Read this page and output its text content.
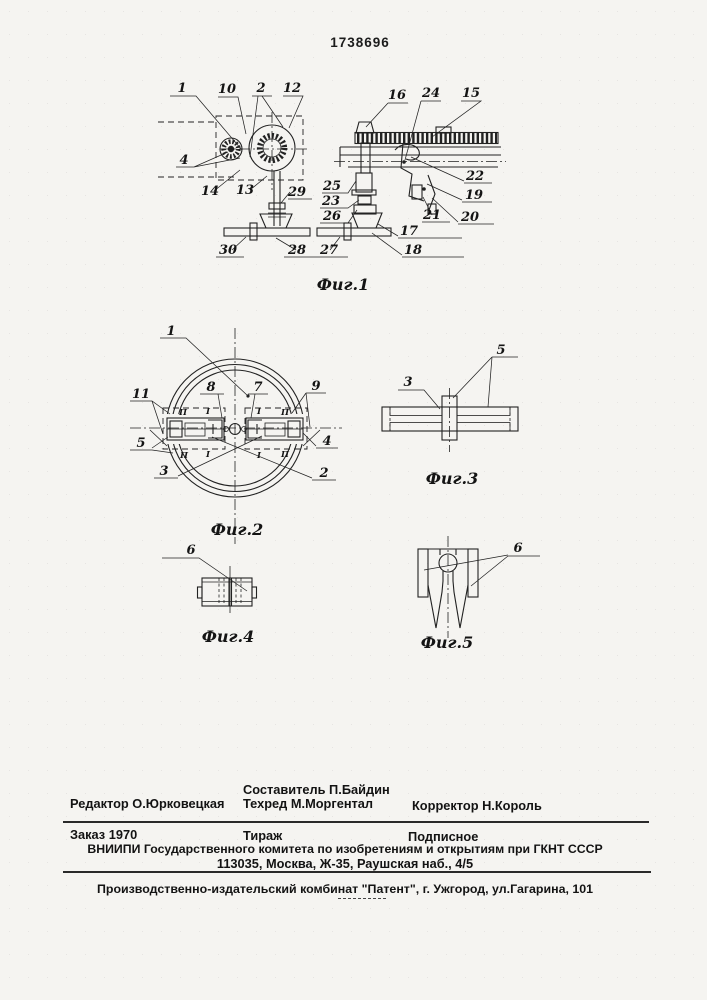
1738696
1 10 2 12	16 24 15
4
14 13	29 25
23
26
22
19
21 20
17
18
30	28 27
Фиг.1
П I	I П
П I	I П
1
11	8	7	9
5	4
3	2
Фиг.2
3
5
Фиг.3
6
Фиг.4
6
Фиг.5
Составитель П.Байдин
Редактор О.Юрковецкая Техред М.Моргентал	Корректор Н.Король
Заказ 1970	Тираж	Подписное
ВНИИПИ Государственного комитета по изобретениям и открытиям при ГКНТ СССР
113035, Москва, Ж-35, Раушская наб., 4/5
Производственно-издательский комбинат "Патент", г. Ужгород, ул.Гагарина, 101
